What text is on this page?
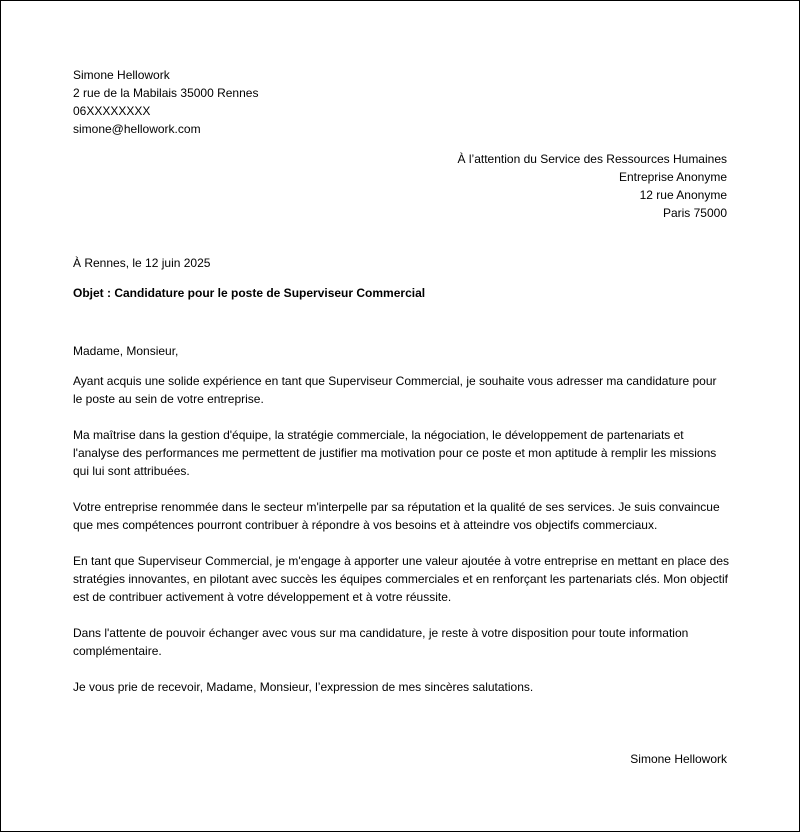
Simone Hellowork
2 rue de la Mabilais 35000 Rennes
06XXXXXXXX
simone@hellowork.com
À l’attention du Service des Ressources Humaines
Entreprise Anonyme
12 rue Anonyme
Paris 75000
À Rennes, le 12 juin 2025
Objet : Candidature pour le poste de Superviseur Commercial

Madame, Monsieur,

Ayant acquis une solide expérience en tant que Superviseur Commercial, je souhaite vous adresser ma candidature pour le poste au sein de votre entreprise.

Ma maîtrise dans la gestion d'équipe, la stratégie commerciale, la négociation, le développement de partenariats et l'analyse des performances me permettent de justifier ma motivation pour ce poste et mon aptitude à remplir les missions qui lui sont attribuées.

Votre entreprise renommée dans le secteur m'interpelle par sa réputation et la qualité de ses services. Je suis convaincue que mes compétences pourront contribuer à répondre à vos besoins et à atteindre vos objectifs commerciaux.

En tant que Superviseur Commercial, je m'engage à apporter une valeur ajoutée à votre entreprise en mettant en place des stratégies innovantes, en pilotant avec succès les équipes commerciales et en renforçant les partenariats clés. Mon objectif est de contribuer activement à votre développement et à votre réussite.

Dans l'attente de pouvoir échanger avec vous sur ma candidature, je reste à votre disposition pour toute information complémentaire.

Je vous prie de recevoir, Madame, Monsieur, l’expression de mes sincères salutations.

Simone Hellowork
